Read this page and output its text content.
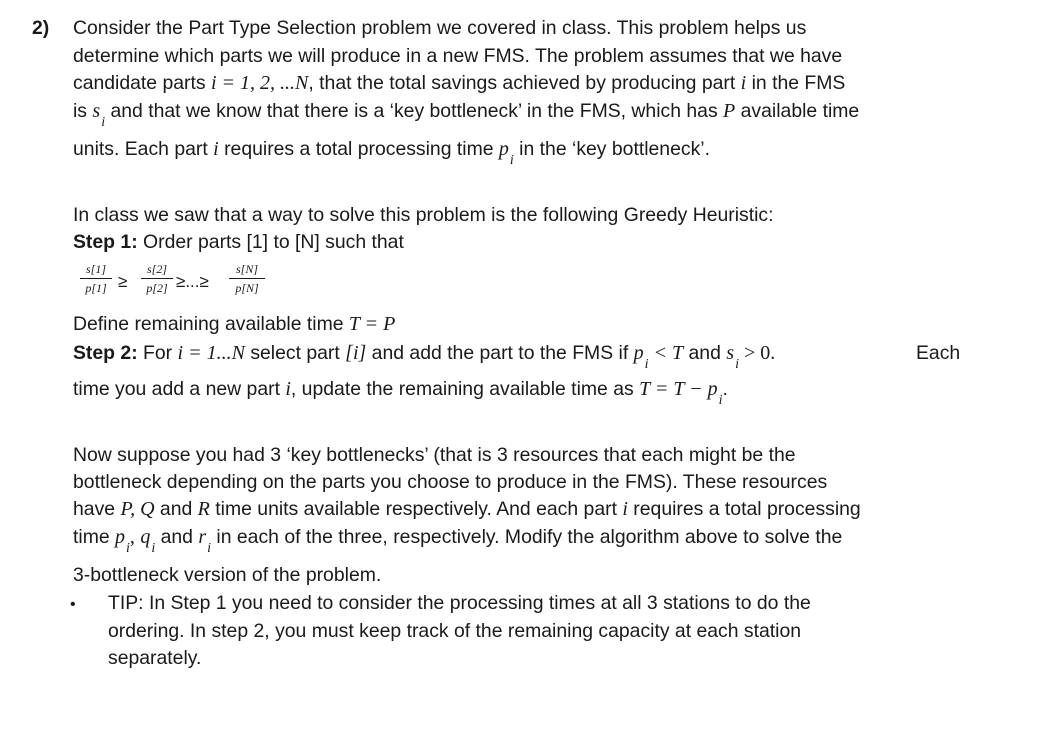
2) Consider the Part Type Selection problem we covered in class. This problem helps us
determine which parts we will produce in a new FMS. The problem assumes that we have
candidate parts i = 1, 2, ...N, that the total savings achieved by producing part i in the FMS
is $s_i$ and that we know that there is a ‘key bottleneck’ in the FMS, which has P available time
units. Each part i requires a total processing time $p_i$ in the ‘key bottleneck’.
In class we saw that a way to solve this problem is the following Greedy Heuristic:
Step 1: Order parts [1] to [N] such that
s[1]
p[1] ≥
s[2]
p[2] ≥...≥
s[N]
p[N]
Define remaining available time T = P
Step 2: For i = 1...N select part [i] and add the part to the FMS if $p_i < T$ and $s_i > 0$.	Each
time you add a new part i, update the remaining available time as $T = T - p_i$.
Now suppose you had 3 ‘key bottlenecks’ (that is 3 resources that each might be the
bottleneck depending on the parts you choose to produce in the FMS). These resources
have P, Q and R time units available respectively. And each part i requires a total processing
time $p_i$, $q_i$ and $r_i$ in each of the three, respectively. Modify the algorithm above to solve the
3-bottleneck version of the problem.
• TIP: In Step 1 you need to consider the processing times at all 3 stations to do the
ordering. In step 2, you must keep track of the remaining capacity at each station
separately.
